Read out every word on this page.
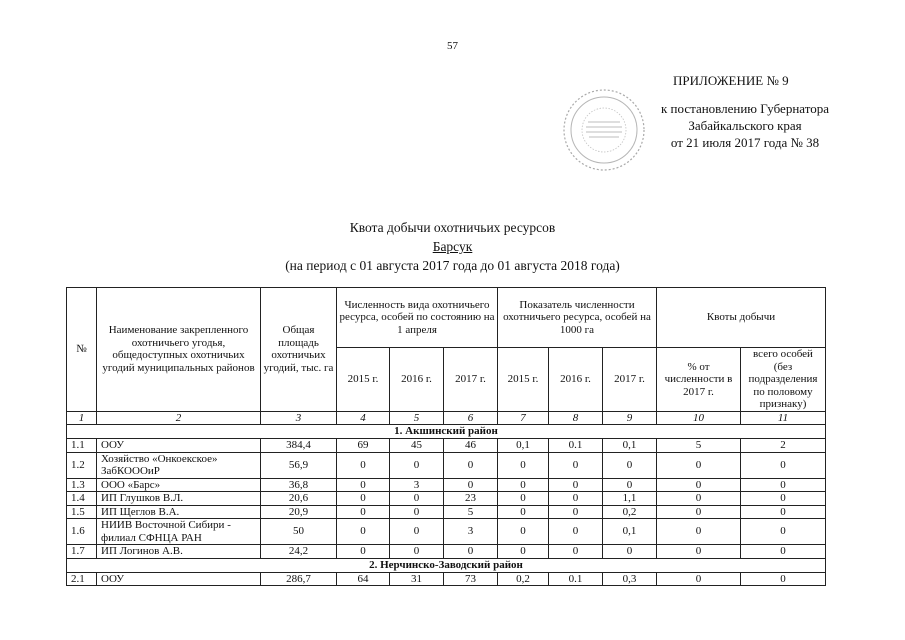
57
ПРИЛОЖЕНИЕ № 9
к постановлению Губернатора
Забайкальского края
от 21 июля 2017 года № 38
Квота добычи охотничьих ресурсов
Барсук
(на период с 01 августа 2017 года до 01 августа 2018 года)
№	Наименование закрепленного охотничьего угодья, общедоступных охотничьих угодий муниципальных районов	Общая площадь охотничьих угодий, тыс. га	Численность вида охотничьего ресурса, особей по состоянию на 1 апреля			Показатель численности охотничьего ресурса, особей на 1000 га			Квоты добычи	
			2015 г.	2016 г.	2017 г.	2015 г.	2016 г.	2017 г.	% от численности в 2017 г.	всего особей (без подразделения по половому признаку)
1	2	3	4	5	6	7	8	9	10	11
1. Акшинский район										
1.1	ООУ	384,4	69	45	46	0,1	0.1	0,1	5	2
1.2	Хозяйство «Онкоекское» ЗабКОООиР	56,9	0	0	0	0	0	0	0	0
1.3	ООО «Барс»	36,8	0	3	0	0	0	0	0	0
1.4	ИП Глушков В.Л.	20,6	0	0	23	0	0	1,1	0	0
1.5	ИП Щеглов В.А.	20,9	0	0	5	0	0	0,2	0	0
1.6	НИИВ Восточной Сибири - филиал СФНЦА РАН	50	0	0	3	0	0	0,1	0	0
1.7	ИП Логинов А.В.	24,2	0	0	0	0	0	0	0	0
2. Нерчинско-Заводский район										
2.1	ООУ	286,7	64	31	73	0,2	0.1	0,3	0	0
